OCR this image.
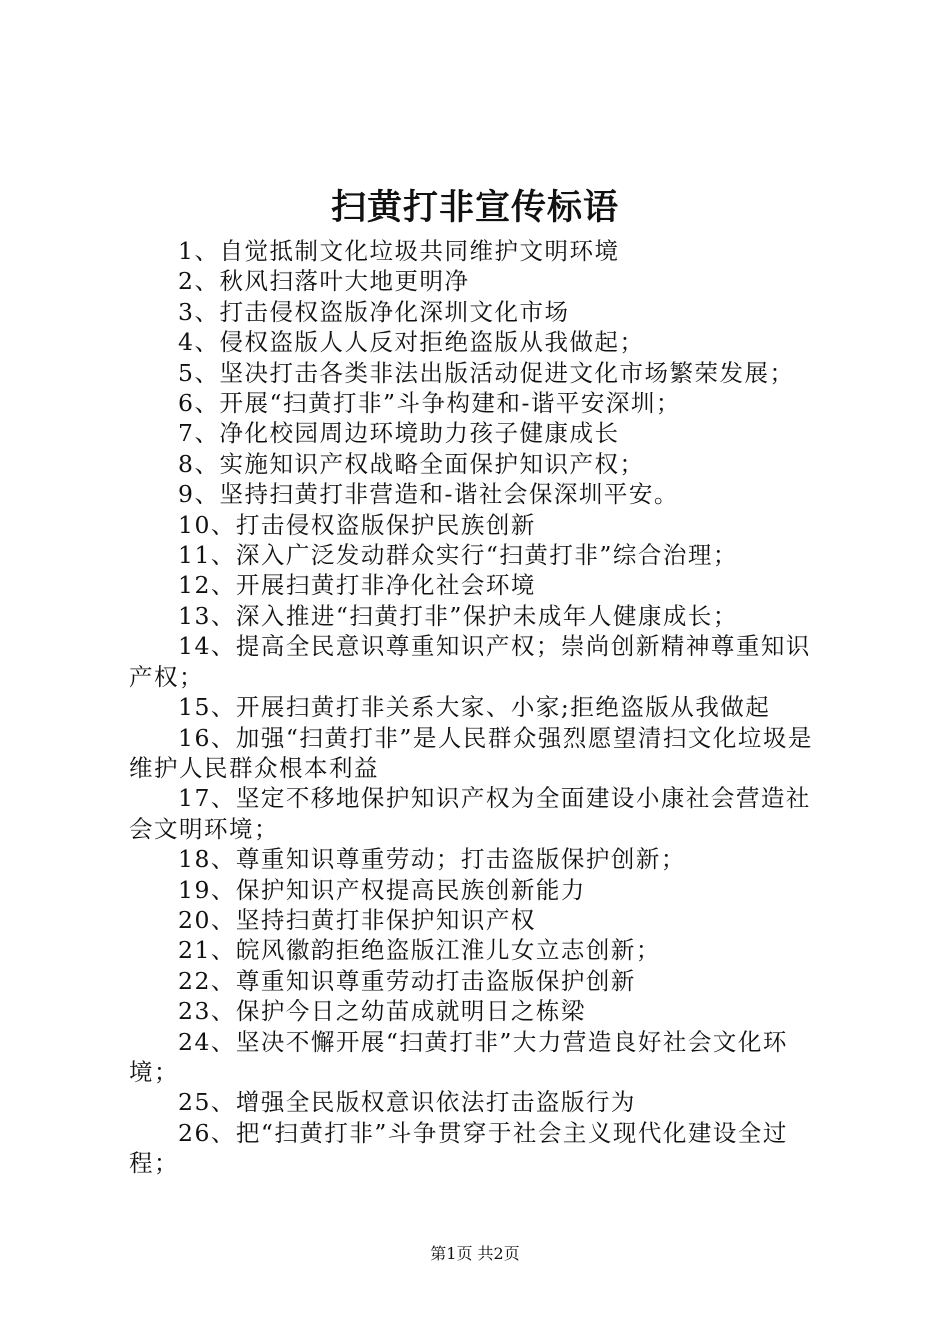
扫黄打非宣传标语
1、自觉抵制文化垃圾共同维护文明环境
2、秋风扫落叶大地更明净
3、打击侵权盗版净化深圳文化市场
4、侵权盗版人人反对拒绝盗版从我做起；
5、坚决打击各类非法出版活动促进文化市场繁荣发展；
6、开展“扫黄打非”斗争构建和-谐平安深圳；
7、净化校园周边环境助力孩子健康成长
8、实施知识产权战略全面保护知识产权；
9、坚持扫黄打非营造和-谐社会保深圳平安。
10、打击侵权盗版保护民族创新
11、深入广泛发动群众实行“扫黄打非”综合治理；
12、开展扫黄打非净化社会环境
13、深入推进“扫黄打非”保护未成年人健康成长；
14、提高全民意识尊重知识产权；崇尚创新精神尊重知识产权；
15、开展扫黄打非关系大家、小家;拒绝盗版从我做起
16、加强“扫黄打非”是人民群众强烈愿望清扫文化垃圾是维护人民群众根本利益
17、坚定不移地保护知识产权为全面建设小康社会营造社会文明环境；
18、尊重知识尊重劳动；打击盗版保护创新；
19、保护知识产权提高民族创新能力
20、坚持扫黄打非保护知识产权
21、皖风徽韵拒绝盗版江淮儿女立志创新；
22、尊重知识尊重劳动打击盗版保护创新
23、保护今日之幼苗成就明日之栋梁
24、坚决不懈开展“扫黄打非”大力营造良好社会文化环境；
25、增强全民版权意识依法打击盗版行为
26、把“扫黄打非”斗争贯穿于社会主义现代化建设全过程；
第1页 共2页
